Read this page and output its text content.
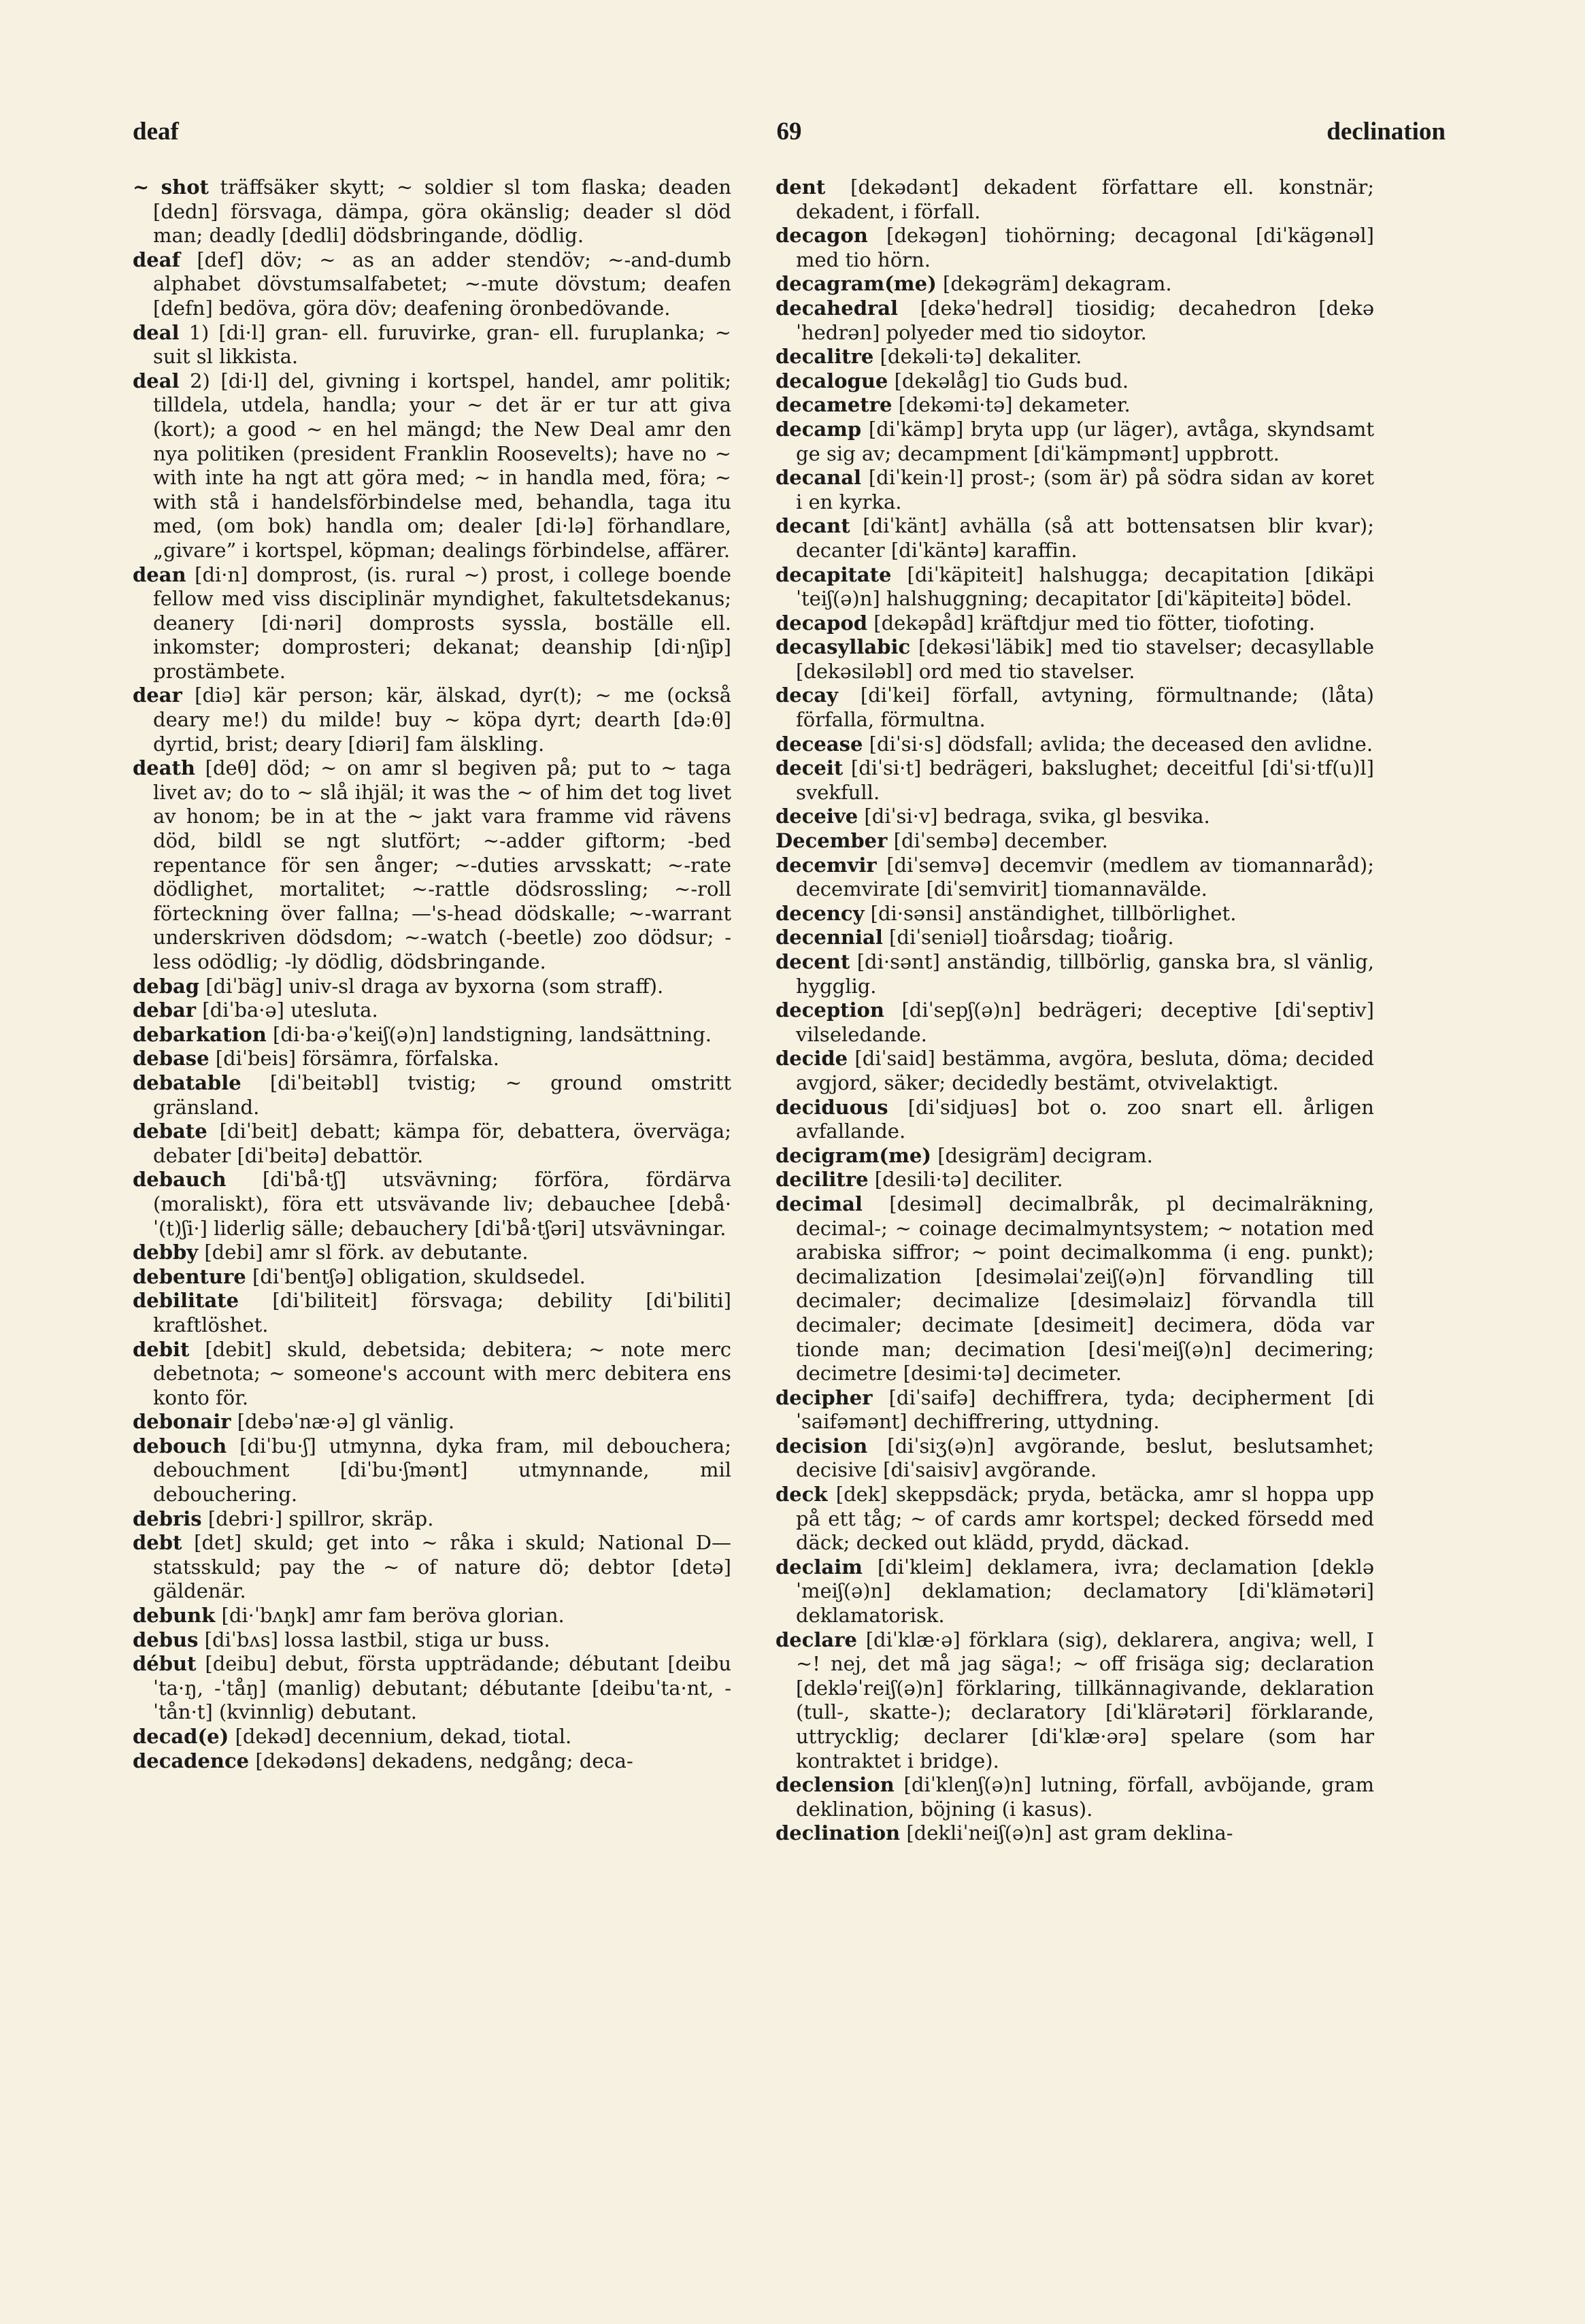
deaf	69	declination

~ shot träffsäker skytt; ~ soldier sl tom flaska; deaden [dedn] försvaga, dämpa, göra okänslig; deader sl död man; deadly [dedli] dödsbringande, dödlig.

deaf [def] döv; ~ as an adder stendöv; ~-and-dumb alphabet dövstumsalfabetet; ~-mute dövstum; deafen [defn] bedöva, göra döv; deafening öronbedövande.

deal 1) [di·l] gran- ell. furuvirke, gran- ell. furuplanka; ~ suit sl likkista.

deal 2) [di·l] del, givning i kortspel, handel, amr politik; tilldela, utdela, handla; your ~ det är er tur att giva (kort); a good ~ en hel mängd; the New Deal amr den nya politiken (president Franklin Roosevelts); have no ~ with inte ha ngt att göra med; ~ in handla med, föra; ~ with stå i handelsförbindelse med, behandla, taga itu med, (om bok) handla om; dealer [di·lə] förhandlare, „givare” i kortspel, köpman; dealings förbindelse, affärer.

dean [di·n] domprost, (is. rural ~) prost, i college boende fellow med viss disciplinär myndighet, fakultetsdekanus; deanery [di·nəri] domprosts syssla, boställe ell. inkomster; domprosteri; dekanat; deanship [di·nʃip] prostämbete.

dear [diə] kär person; kär, älskad, dyr(t); ~ me (också deary me!) du milde! buy ~ köpa dyrt; dearth [dəːθ] dyrtid, brist; deary [diəri] fam älskling.

death [deθ] död; ~ on amr sl begiven på; put to ~ taga livet av; do to ~ slå ihjäl; it was the ~ of him det tog livet av honom; be in at the ~ jakt vara framme vid rävens död, bildl se ngt slutfört; ~-adder giftorm; -bed repentance för sen ånger; ~-duties arvsskatt; ~-rate dödlighet, mortalitet; ~-rattle dödsrossling; ~-roll förteckning över fallna; —'s-head dödskalle; ~-warrant underskriven dödsdom; ~-watch (-beetle) zoo dödsur; -less odödlig; -ly dödlig, dödsbringande.

debag [diˈbäg] univ-sl draga av byxorna (som straff).

debar [diˈba·ə] utesluta.

debarkation [di·ba·əˈkeiʃ(ə)n] landstigning, landsättning.

debase [diˈbeis] försämra, förfalska.

debatable [diˈbeitəbl] tvistig; ~ ground omstritt gränsland.

debate [diˈbeit] debatt; kämpa för, debattera, överväga; debater [diˈbeitə] debattör.

debauch [diˈbå·tʃ] utsvävning; förföra, fördärva (moraliskt), föra ett utsvävande liv; debauchee [debå·ˈ(t)ʃi·] liderlig sälle; debauchery [diˈbå·tʃəri] utsvävningar.

debby [debi] amr sl förk. av debutante.

debenture [diˈbentʃə] obligation, skuldsedel.

debilitate [diˈbiliteit] försvaga; debility [diˈbiliti] kraftlöshet.

debit [debit] skuld, debetsida; debitera; ~ note merc debetnota; ~ someone's account with merc debitera ens konto för.

debonair [debəˈnæ·ə] gl vänlig.

debouch [diˈbu·ʃ] utmynna, dyka fram, mil debouchera; debouchment [diˈbu·ʃmənt] utmynnande, mil debouchering.

debris [debri·] spillror, skräp.

debt [det] skuld; get into ~ råka i skuld; National D— statsskuld; pay the ~ of nature dö; debtor [detə] gäldenär.

debunk [di·ˈbʌŋk] amr fam beröva glorian.

debus [diˈbʌs] lossa lastbil, stiga ur buss.

début [deibu] debut, första uppträdande; débutant [deibuˈta·ŋ, -ˈtåŋ] (manlig) debutant; débutante [deibuˈta·nt, -ˈtån·t] (kvinnlig) debutant.

decad(e) [dekəd] decennium, dekad, tiotal.

decadence [dekədəns] dekadens, nedgång; deca-

dent [dekədənt] dekadent författare ell. konstnär; dekadent, i förfall.

decagon [dekəgən] tiohörning; decagonal [diˈkägənəl] med tio hörn.

decagram(me) [dekəgräm] dekagram.

decahedral [dekəˈhedrəl] tiosidig; decahedron [dekəˈhedrən] polyeder med tio sidoytor.

decalitre [dekəli·tə] dekaliter.

decalogue [dekəlåg] tio Guds bud.

decametre [dekəmi·tə] dekameter.

decamp [diˈkämp] bryta upp (ur läger), avtåga, skyndsamt ge sig av; decampment [diˈkämpmənt] uppbrott.

decanal [diˈkein·l] prost-; (som är) på södra sidan av koret i en kyrka.

decant [diˈkänt] avhälla (så att bottensatsen blir kvar); decanter [diˈkäntə] karaffin.

decapitate [diˈkäpiteit] halshugga; decapitation [dikäpiˈteiʃ(ə)n] halshuggning; decapitator [diˈkäpiteitə] bödel.

decapod [dekəpåd] kräftdjur med tio fötter, tiofoting.

decasyllabic [dekəsiˈläbik] med tio stavelser; decasyllable [dekəsiləbl] ord med tio stavelser.

decay [diˈkei] förfall, avtyning, förmultnande; (låta) förfalla, förmultna.

decease [diˈsi·s] dödsfall; avlida; the deceased den avlidne.

deceit [diˈsi·t] bedrägeri, bakslughet; deceitful [diˈsi·tf(u)l] svekfull.

deceive [diˈsi·v] bedraga, svika, gl besvika.

December [diˈsembə] december.

decemvir [diˈsemvə] decemvir (medlem av tiomannaråd); decemvirate [diˈsemvirit] tiomannavälde.

decency [di·sənsi] anständighet, tillbörlighet.

decennial [diˈseniəl] tioårsdag; tioårig.

decent [di·sənt] anständig, tillbörlig, ganska bra, sl vänlig, hygglig.

deception [diˈsepʃ(ə)n] bedrägeri; deceptive [diˈseptiv] vilseledande.

decide [diˈsaid] bestämma, avgöra, besluta, döma; decided avgjord, säker; decidedly bestämt, otvivelaktigt.

deciduous [diˈsidjuəs] bot o. zoo snart ell. årligen avfallande.

decigram(me) [desigräm] decigram.

decilitre [desili·tə] deciliter.

decimal [desiməl] decimalbråk, pl decimalräkning, decimal-; ~ coinage decimalmyntsystem; ~ notation med arabiska siffror; ~ point decimalkomma (i eng. punkt); decimalization [desiməlaiˈzeiʃ(ə)n] förvandling till decimaler; decimalize [desiməlaiz] förvandla till decimaler; decimate [desimeit] decimera, döda var tionde man; decimation [desiˈmeiʃ(ə)n] decimering; decimetre [desimi·tə] decimeter.

decipher [diˈsaifə] dechiffrera, tyda; decipherment [diˈsaifəmənt] dechiffrering, uttydning.

decision [diˈsiʒ(ə)n] avgörande, beslut, beslutsamhet; decisive [diˈsaisiv] avgörande.

deck [dek] skeppsdäck; pryda, betäcka, amr sl hoppa upp på ett tåg; ~ of cards amr kortspel; decked försedd med däck; decked out klädd, prydd, däckad.

declaim [diˈkleim] deklamera, ivra; declamation [dekləˈmeiʃ(ə)n] deklamation; declamatory [diˈklämətəri] deklamatorisk.

declare [diˈklæ·ə] förklara (sig), deklarera, angiva; well, I ~! nej, det må jag säga!; ~ off frisäga sig; declaration [dekləˈreiʃ(ə)n] förklaring, tillkännagivande, deklaration (tull-, skatte-); declaratory [diˈklärətəri] förklarande, uttrycklig; declarer [diˈklæ·ərə] spelare (som har kontraktet i bridge).

declension [diˈklenʃ(ə)n] lutning, förfall, avböjande, gram deklination, böjning (i kasus).

declination [dekliˈneiʃ(ə)n] ast gram deklina-
